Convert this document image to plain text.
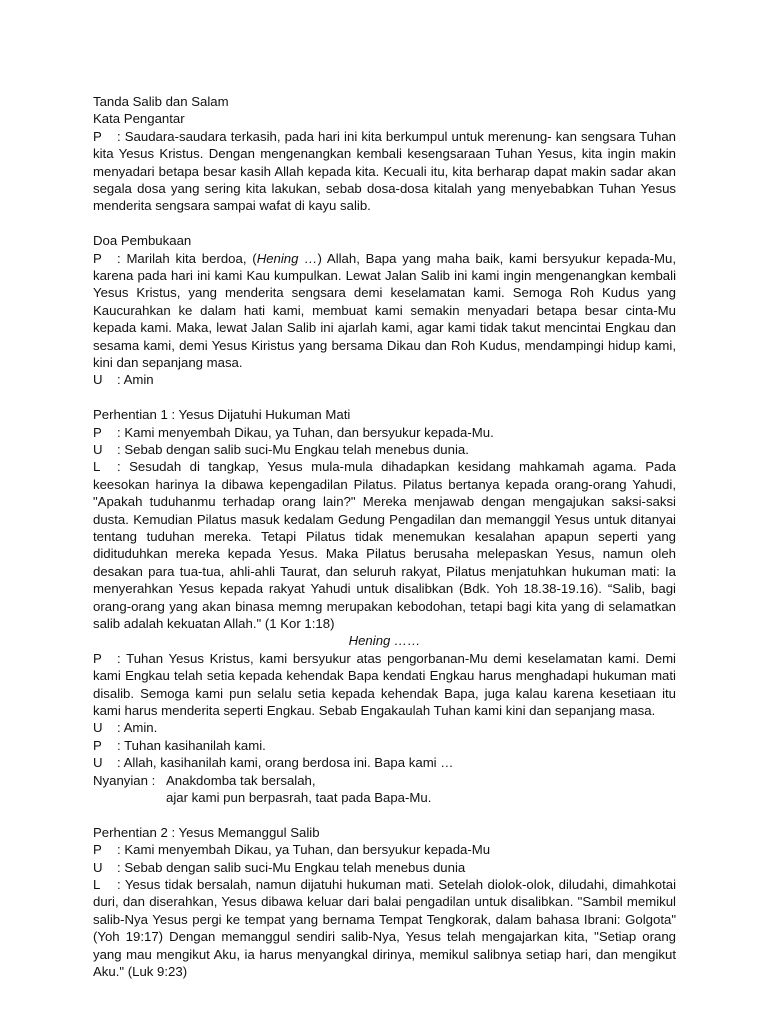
Tanda Salib dan Salam
Kata Pengantar
P : Saudara-saudara terkasih, pada hari ini kita berkumpul untuk merenung- kan sengsara Tuhan kita Yesus Kristus. Dengan mengenangkan kembali kesengsaraan Tuhan Yesus, kita ingin makin menyadari betapa besar kasih Allah kepada kita. Kecuali itu, kita berharap dapat makin sadar akan segala dosa yang sering kita lakukan, sebab dosa-dosa kitalah yang menyebabkan Tuhan Yesus menderita sengsara sampai wafat di kayu salib.
Doa Pembukaan
P : Marilah kita berdoa, (Hening …) Allah, Bapa yang maha baik, kami bersyukur kepada-Mu, karena pada hari ini kami Kau kumpulkan. Lewat Jalan Salib ini kami ingin mengenangkan kembali Yesus Kristus, yang menderita sengsara demi keselamatan kami. Semoga Roh Kudus yang Kaucurahkan ke dalam hati kami, membuat kami semakin menyadari betapa besar cinta-Mu kepada kami. Maka, lewat Jalan Salib ini ajarlah kami, agar kami tidak takut mencintai Engkau dan sesama kami, demi Yesus Kiristus yang bersama Dikau dan Roh Kudus, mendampingi hidup kami, kini dan sepanjang masa.
U : Amin
Perhentian 1 : Yesus Dijatuhi Hukuman Mati
P : Kami menyembah Dikau, ya Tuhan, dan bersyukur kepada-Mu.
U : Sebab dengan salib suci-Mu Engkau telah menebus dunia.
L : Sesudah di tangkap, Yesus mula-mula dihadapkan kesidang mahkamah agama. Pada keesokan harinya Ia dibawa kepengadilan Pilatus. Pilatus bertanya kepada orang-orang Yahudi, "Apakah tuduhanmu terhadap orang lain?" Mereka menjawab dengan mengajukan saksi-saksi dusta. Kemudian Pilatus masuk kedalam Gedung Pengadilan dan memanggil Yesus untuk ditanyai tentang tuduhan mereka. Tetapi Pilatus tidak menemukan kesalahan apapun seperti yang didituduhkan mereka kepada Yesus. Maka Pilatus berusaha melepaskan Yesus, namun oleh desakan para tua-tua, ahli-ahli Taurat, dan seluruh rakyat, Pilatus menjatuhkan hukuman mati: Ia menyerahkan Yesus kepada rakyat Yahudi untuk disalibkan (Bdk. Yoh 18.38-19.16). “Salib, bagi orang-orang yang akan binasa memng merupakan kebodohan, tetapi bagi kita yang di selamatkan salib adalah kekuatan Allah." (1 Kor 1:18)
Hening ……
P : Tuhan Yesus Kristus, kami bersyukur atas pengorbanan-Mu demi keselamatan kami. Demi kami Engkau telah setia kepada kehendak Bapa kendati Engkau harus menghadapi hukuman mati disalib. Semoga kami pun selalu setia kepada kehendak Bapa, juga kalau karena kesetiaan itu kami harus menderita seperti Engkau. Sebab Engakaulah Tuhan kami kini dan sepanjang masa.
U : Amin.
P : Tuhan kasihanilah kami.
U : Allah, kasihanilah kami, orang berdosa ini. Bapa kami …
Nyanyian : Anakdomba tak bersalah,
ajar kami pun berpasrah, taat pada Bapa-Mu.
Perhentian 2 : Yesus Memanggul Salib
P : Kami menyembah Dikau, ya Tuhan, dan bersyukur kepada-Mu
U : Sebab dengan salib suci-Mu Engkau telah menebus dunia
L : Yesus tidak bersalah, namun dijatuhi hukuman mati. Setelah diolok-olok, diludahi, dimahkotai duri, dan diserahkan, Yesus dibawa keluar dari balai pengadilan untuk disalibkan. "Sambil memikul salib-Nya Yesus pergi ke tempat yang bernama Tempat Tengkorak, dalam bahasa Ibrani: Golgota" (Yoh 19:17) Dengan memanggul sendiri salib-Nya, Yesus telah mengajarkan kita, "Setiap orang yang mau mengikut Aku, ia harus menyangkal dirinya, memikul salibnya setiap hari, dan mengikut Aku." (Luk 9:23)
